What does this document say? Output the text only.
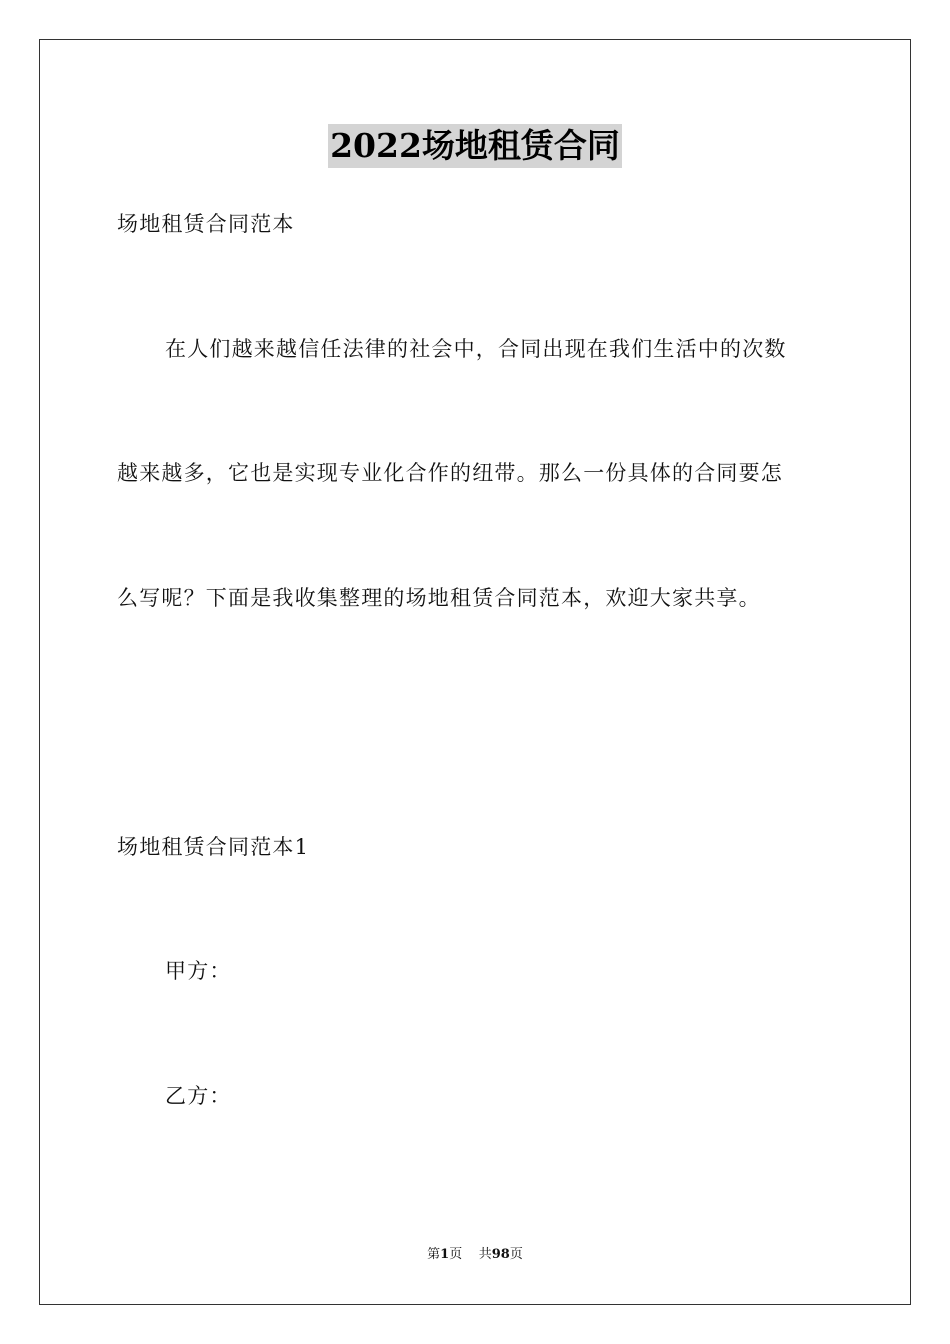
2022场地租赁合同
场地租赁合同范本
在人们越来越信任法律的社会中，合同出现在我们生活中的次数
越来越多，它也是实现专业化合作的纽带。那么一份具体的合同要怎
么写呢？下面是我收集整理的场地租赁合同范本，欢迎大家共享。
场地租赁合同范本1
甲方：
乙方：
第1页 共98页
